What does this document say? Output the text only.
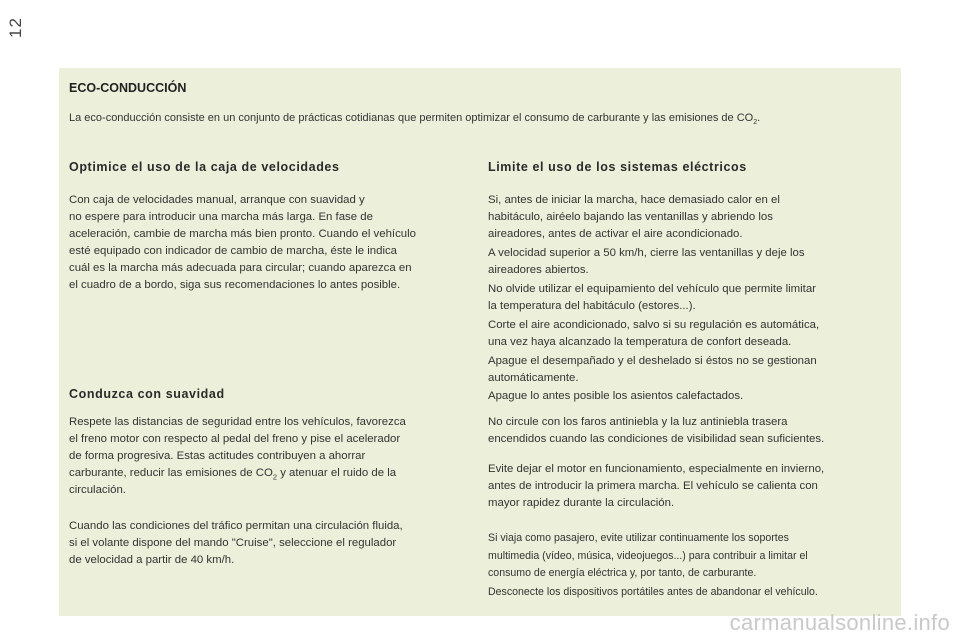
12
ECO-CONDUCCIÓN
La eco-conducción consiste en un conjunto de prácticas cotidianas que permiten optimizar el consumo de carburante y las emisiones de $CO_2$.
Optimice el uso de la caja de velocidades

Con caja de velocidades manual, arranque con suavidad y

no espere para introducir una marcha más larga. En fase de

aceleración, cambie de marcha más bien pronto. Cuando el vehículo

esté equipado con indicador de cambio de marcha, éste le indica

cuál es la marcha más adecuada para circular; cuando aparezca en

el cuadro de a bordo, siga sus recomendaciones lo antes posible.

Conduzca con suavidad

Respete las distancias de seguridad entre los vehículos, favorezca

el freno motor con respecto al pedal del freno y pise el acelerador

de forma progresiva. Estas actitudes contribuyen a ahorrar

carburante, reducir las emisiones de $CO_2$ y atenuar el ruido de la

circulación.

Cuando las condiciones del tráfico permitan una circulación fluida,

si el volante dispone del mando "Cruise", seleccione el regulador

de velocidad a partir de 40 km/h.

Limite el uso de los sistemas eléctricos

Si, antes de iniciar la marcha, hace demasiado calor en el

habitáculo, airéelo bajando las ventanillas y abriendo los

aireadores, antes de activar el aire acondicionado.

A velocidad superior a 50 km/h, cierre las ventanillas y deje los

aireadores abiertos.

No olvide utilizar el equipamiento del vehículo que permite limitar

la temperatura del habitáculo (estores...).

Corte el aire acondicionado, salvo si su regulación es automática,

una vez haya alcanzado la temperatura de confort deseada.

Apague el desempañado y el deshelado si éstos no se gestionan

automáticamente.

Apague lo antes posible los asientos calefactados.

No circule con los faros antiniebla y la luz antiniebla trasera

encendidos cuando las condiciones de visibilidad sean suficientes.

Evite dejar el motor en funcionamiento, especialmente en invierno,

antes de introducir la primera marcha. El vehículo se calienta con

mayor rapidez durante la circulación.

Si viaja como pasajero, evite utilizar continuamente los soportes

multimedia (vídeo, música, videojuegos...) para contribuir a limitar el

consumo de energía eléctrica y, por tanto, de carburante.

Desconecte los dispositivos portátiles antes de abandonar el vehículo.

carmanualsonline.info
